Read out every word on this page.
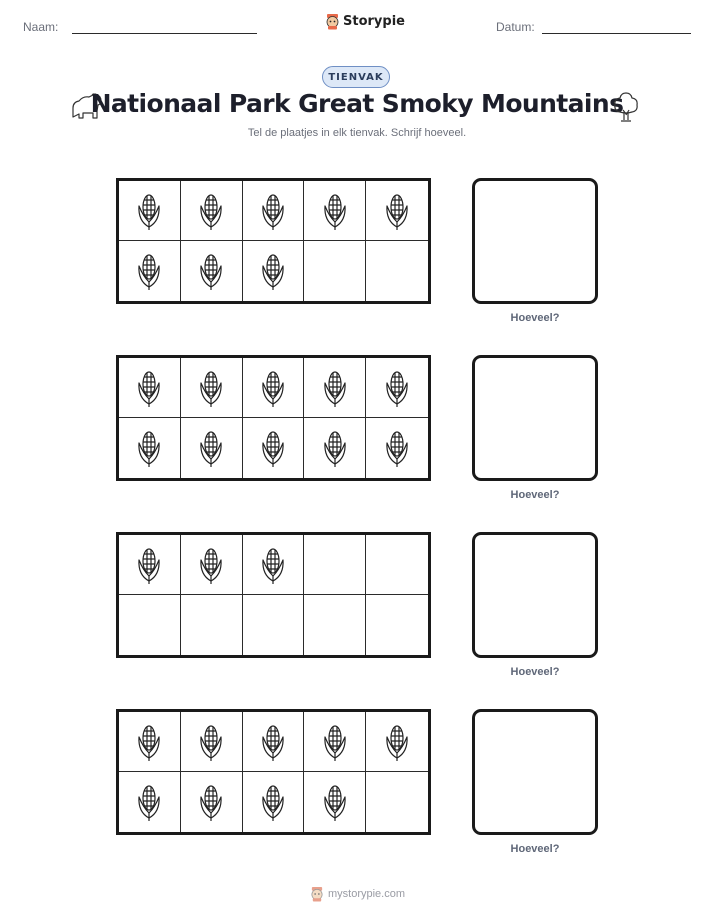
Naam:	Storypie	Datum:
TIENVAK
Nationaal Park Great Smoky Mountains
Tel de plaatjes in elk tienvak. Schrijf hoeveel.
Hoeveel?
Hoeveel?
Hoeveel?
Hoeveel?
mystorypie.com
